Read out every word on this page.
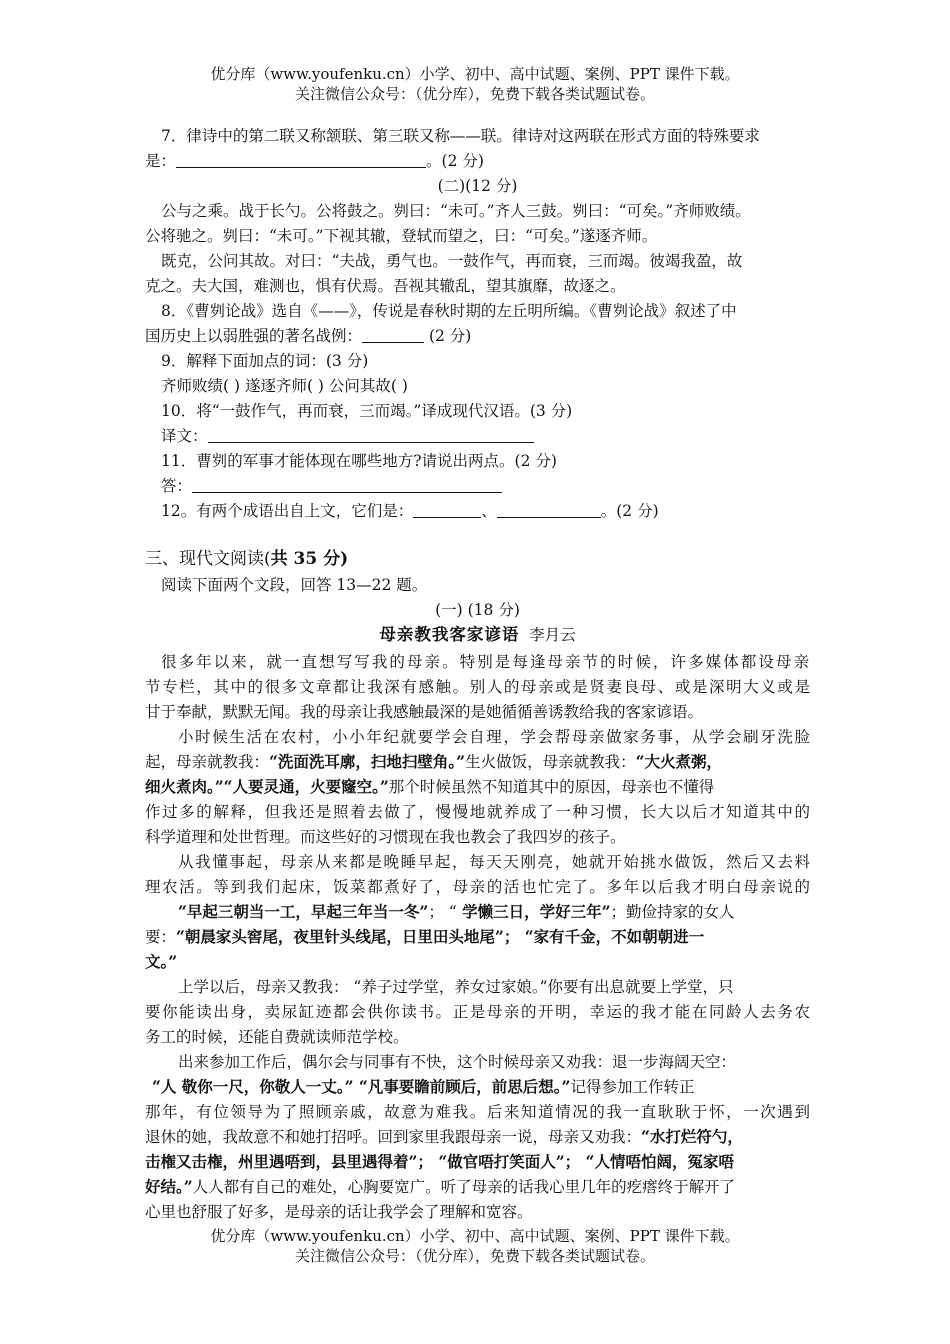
优分库（www.youfenku.cn）小学、初中、高中试题、案例、PPT 课件下载。
关注微信公众号：（优分库），免费下载各类试题试卷。
7．律诗中的第二联又称颔联、第三联又称——联。律诗对这两联在形式方面的特殊要求
是：	。(2 分)
(二)(12 分)
公与之乘。战于长勺。公将鼓之。刿曰：“未可。”齐人三鼓。刿曰：“可矣。”齐师败绩。
公将驰之。刿曰：“未可。”下视其辙，登轼而望之，曰：“可矣。”遂逐齐师。
既克，公问其故。对曰：“夫战，勇气也。一鼓作气，再而衰，三而竭。彼竭我盈，故
克之。夫大国，难测也，惧有伏焉。吾视其辙乱，望其旗靡，故逐之。
8．《曹刿论战》选自《——》，传说是春秋时期的左丘明所编。《曹刿论战》叙述了中
国历史上以弱胜强的著名战例：	(2 分)
9．解释下面加点的词：(3 分)
齐师败绩( ) 遂逐齐师( ) 公问其故( )
10．将“一鼓作气，再而衰，三而竭。”译成现代汉语。(3 分)
译文：
11．曹刿的军事才能体现在哪些地方?请说出两点。(2 分)
答：
12。有两个成语出自上文，它们是：	、	。(2 分)
三、现代文阅读(共 35 分)
阅读下面两个文段，回答 13—22 题。
(一) (18 分)
母亲教我客家谚语 李月云
很多年以来，就一直想写写我的母亲。特别是每逢母亲节的时候，许多媒体都设母亲
节专栏，其中的很多文章都让我深有感触。别人的母亲或是贤妻良母、或是深明大义或是
甘于奉献，默默无闻。我的母亲让我感触最深的是她循循善诱教给我的客家谚语。
小时候生活在农村，小小年纪就要学会自理，学会帮母亲做家务事，从学会刷牙洗脸
起，母亲就教我：“洗面洗耳廓，扫地扫壁角。”生火做饭，母亲就教我：“大火煮粥，
细火煮肉。”“人要灵通，火要窿空。”那个时候虽然不知道其中的原因，母亲也不懂得
作过多的解释，但我还是照着去做了，慢慢地就养成了一种习惯，长大以后才知道其中的
科学道理和处世哲理。而这些好的习惯现在我也教会了我四岁的孩子。
从我懂事起，母亲从来都是晚睡早起，每天天刚亮，她就开始挑水做饭，然后又去料
理农活。等到我们起床，饭菜都煮好了，母亲的活也忙完了。多年以后我才明白母亲说的
“早起三朝当一工，早起三年当一冬”； “ 学懒三日，学好三年”；勤俭持家的女人
要：“朝晨家头窖尾，夜里针头线尾，日里田头地尾”； “家有千金，不如朝朝进一
文。”
上学以后，母亲又教我： “养子过学堂，养女过家娘。”你要有出息就要上学堂，只
要你能读出身，卖尿缸迹都会供你读书。正是母亲的开明，幸运的我才能在同龄人去务农
务工的时候，还能自费就读师范学校。
出来参加工作后，偶尔会与同事有不快，这个时候母亲又劝我：退一步海阔天空：
“人 敬你一尺，你敬人一丈。” “凡事要瞻前顾后，前思后想。”记得参加工作转正
那年，有位领导为了照顾亲戚，故意为难我。后来知道情况的我一直耿耿于怀，一次遇到
退休的她，我故意不和她打招呼。回到家里我跟母亲一说，母亲又劝我：“水打烂符勺，
击権又击権，州里遇唔到，县里遇得着”； “做官唔打笑面人”； “人情唔怕阔，冤家唔
好结。”人人都有自己的难处，心胸要宽广。听了母亲的话我心里几年的疙瘩终于解开了
心里也舒服了好多，是母亲的话让我学会了理解和宽容。
优分库（www.youfenku.cn）小学、初中、高中试题、案例、PPT 课件下载。
关注微信公众号：（优分库），免费下载各类试题试卷。
